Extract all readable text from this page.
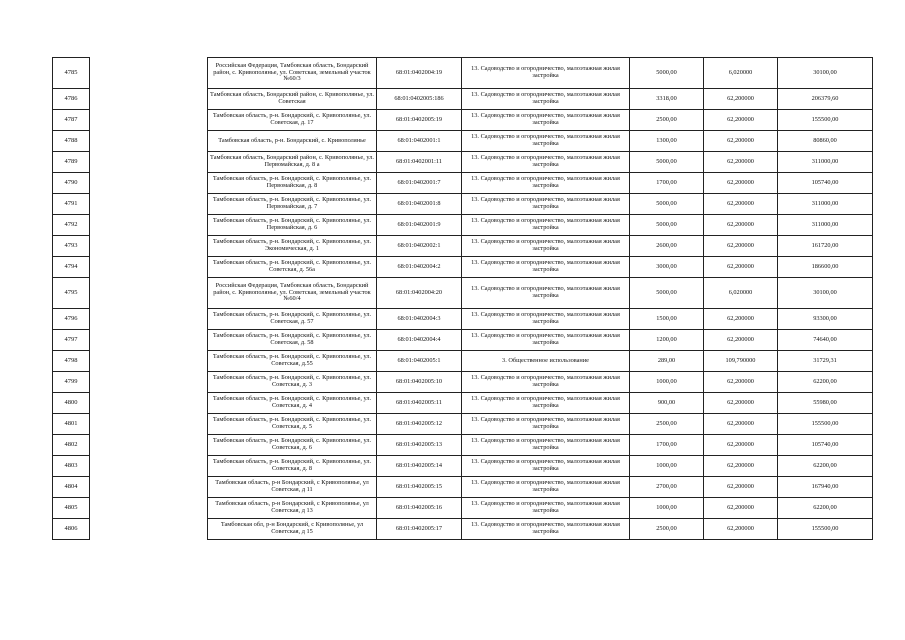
4785		Российская Федерация, Тамбовская область, Бондарский район, с. Кривополянье, ул. Советская, земельный участок №60/3	68:01:0402004:19	13. Садоводство и огородничество, малоэтажная жилая застройка	5000,00	6,020000	30100,00
4786		Тамбовская область, Бондарский район, с. Кривополянье, ул. Советская	68:01:0402005:186	13. Садоводство и огородничество, малоэтажная жилая застройка	3318,00	62,200000	206379,60
4787		Тамбовская область, р-н. Бондарский, с. Кривополянье, ул. Советская, д. 17	68:01:0402005:19	13. Садоводство и огородничество, малоэтажная жилая застройка	2500,00	62,200000	155500,00
4788		Тамбовская область, р-н. Бондарский, с. Кривополянье	68:01:0402001:1	13. Садоводство и огородничество, малоэтажная жилая застройка	1300,00	62,200000	80860,00
4789		Тамбовская область, Бондарский район, с. Кривополянье, ул. Первомайская, д. 8 а	68:01:0402001:11	13. Садоводство и огородничество, малоэтажная жилая застройка	5000,00	62,200000	311000,00
4790		Тамбовская область, р-н. Бондарский, с. Кривополянье, ул. Первомайская, д. 8	68:01:0402001:7	13. Садоводство и огородничество, малоэтажная жилая застройка	1700,00	62,200000	105740,00
4791		Тамбовская область, р-н. Бондарский, с. Кривополянье, ул. Первомайская, д. 7	68:01:0402001:8	13. Садоводство и огородничество, малоэтажная жилая застройка	5000,00	62,200000	311000,00
4792		Тамбовская область, р-н. Бондарский, с. Кривополянье, ул. Первомайская, д. 6	68:01:0402001:9	13. Садоводство и огородничество, малоэтажная жилая застройка	5000,00	62,200000	311000,00
4793		Тамбовская область, р-н. Бондарский, с. Кривополянье, ул. Экономическая, д. 1	68:01:0402002:1	13. Садоводство и огородничество, малоэтажная жилая застройка	2600,00	62,200000	161720,00
4794		Тамбовская область, р-н. Бондарский, с. Кривополянье, ул. Советская, д. 56а	68:01:0402004:2	13. Садоводство и огородничество, малоэтажная жилая застройка	3000,00	62,200000	186600,00
4795		Российская Федерация, Тамбовская область, Бондарский район, с. Кривополянье, ул. Советская, земельный участок №60/4	68:01:0402004:20	13. Садоводство и огородничество, малоэтажная жилая застройка	5000,00	6,020000	30100,00
4796		Тамбовская область, р-н. Бондарский, с. Кривополянье, ул. Советская, д. 57	68:01:0402004:3	13. Садоводство и огородничество, малоэтажная жилая застройка	1500,00	62,200000	93300,00
4797		Тамбовская область, р-н. Бондарский, с. Кривополянье, ул. Советская, д. 58	68:01:0402004:4	13. Садоводство и огородничество, малоэтажная жилая застройка	1200,00	62,200000	74640,00
4798		Тамбовская область, р-н. Бондарский, с. Кривополянье, ул. Советская, д.55	68:01:0402005:1	3. Общественное использование	289,00	109,790000	31729,31
4799		Тамбовская область, р-н. Бондарский, с. Кривополянье, ул. Советская, д. 3	68:01:0402005:10	13. Садоводство и огородничество, малоэтажная жилая застройка	1000,00	62,200000	62200,00
4800		Тамбовская область, р-н. Бондарский, с. Кривополянье, ул. Советская, д. 4	68:01:0402005:11	13. Садоводство и огородничество, малоэтажная жилая застройка	900,00	62,200000	55980,00
4801		Тамбовская область, р-н. Бондарский, с. Кривополянье, ул. Советская, д. 5	68:01:0402005:12	13. Садоводство и огородничество, малоэтажная жилая застройка	2500,00	62,200000	155500,00
4802		Тамбовская область, р-н. Бондарский, с. Кривополянье, ул. Советская, д. 6	68:01:0402005:13	13. Садоводство и огородничество, малоэтажная жилая застройка	1700,00	62,200000	105740,00
4803		Тамбовская область, р-н. Бондарский, с. Кривополянье, ул. Советская, д. 8	68:01:0402005:14	13. Садоводство и огородничество, малоэтажная жилая застройка	1000,00	62,200000	62200,00
4804		Тамбовская область, р-н Бондарский, с Кривополянье, ул Советская, д 11	68:01:0402005:15	13. Садоводство и огородничество, малоэтажная жилая застройка	2700,00	62,200000	167940,00
4805		Тамбовская область, р-н Бондарский, с Кривополянье, ул Советская, д 13	68:01:0402005:16	13. Садоводство и огородничество, малоэтажная жилая застройка	1000,00	62,200000	62200,00
4806		Тамбовская обл, р-н Бондарский, с Кривополянье, ул Советская, д 15	68:01:0402005:17	13. Садоводство и огородничество, малоэтажная жилая застройка	2500,00	62,200000	155500,00
